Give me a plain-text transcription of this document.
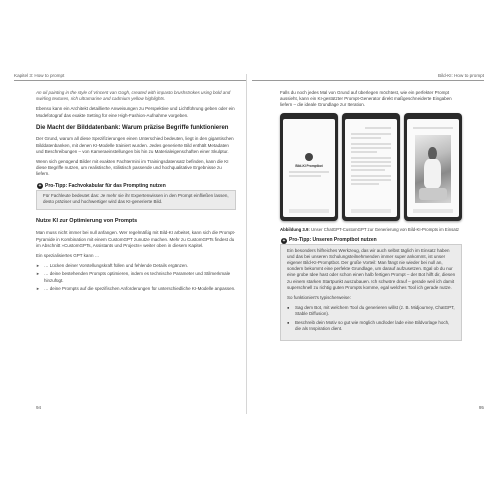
Kapitel 3: How to prompt

An oil painting in the style of Vincent van Gogh, created with impasto brushstrokes using bold and swirling textures, rich ultramarine and cadmium yellow highlights.

Ebenso kann ein Architekt detaillierte Anweisungen zu Perspektive und Lichtführung geben oder ein Modefotograf das exakte Setting für eine High-Fashion-Aufnahme vorgeben.

Die Macht der Bilddatenbank: Warum präzise Begriffe funktionieren

Der Grund, warum all diese Spezifizierungen einen Unterschied bedeuten, liegt in den gigantischen Bilddatenbanken, mit denen KI-Modelle trainiert wurden. Jedes generierte Bild enthält Metadaten und Beschreibungen – von Kameraeinstellungen bis hin zu Materialeigenschaften einer Skulptur.

Wenn sich genügend Bilder mit exakten Fachtermini im Trainingsdatensatz befinden, kann die KI diese Begriffe nutzen, um realistische, stilistisch passende und hochqualitative Ergebnisse zu liefern.

+ Pro-Tipp: Fachvokabular für das Prompting nutzen
Für Fachleute bedeutet das: Je mehr sie ihr Expertenwissen in den Prompt einfließen lassen, desto präziser und hochwertiger wird das KI-generierte Bild.
Nutze KI zur Optimierung von Prompts

Man muss nicht immer bei null anfangen. Wer regelmäßig mit Bild-KI arbeitet, kann sich die Prompt-Pyramide in Kombination mit einem CustomGPT zunutze machen. Mehr zu CustomGPTs findest du im Abschnitt »CustomGPTs, Assistants und Projects« weiter oben in diesem Kapitel.

Ein spezialisiertes GPT kann …

► … Lücken deiner Vorstellungskraft füllen und fehlende Details ergänzen.
► … deine bestehenden Prompts optimieren, indem es technische Parameter und Stilmerkmale hinzufügt.
► … deine Prompts auf die spezifischen Anforderungen für unterschiedliche KI-Modelle anpassen.
94
Bild-KI: How to prompt

Falls du noch jedes Mal von Grund auf überlegen möchtest, wie ein perfekter Prompt aussieht, kann ein KI-gestützter Prompt-Generator direkt maßgeschneiderte Eingaben liefern – die ideale Grundlage zur Iteration.

Bild-KI Promptbot
Abbildung 3.9: Unser ChatGPT-CustomGPT zur Generierung von Bild-KI-Prompts im Einsatz
+ Pro-Tipp: Unseren Promptbot nutzen

Ein besonders hilfreiches Werkzeug, das wir auch selbst täglich im Einsatz haben und das bei unseren Schulungsteilnehmenden immer super ankommt, ist unser eigener Bild-KI-Promptbot. Der große Vorteil: Man fängt nie wieder bei null an, sondern bekommt eine perfekte Grundlage, um darauf aufzusetzen. Egal ob du nur eine grobe Idee hast oder schon einen halb fertigen Prompt – der Bot hilft dir, diesen zu einem starken Startpunkt auszubauen. Ich schwöre drauf – gerade weil ich damit superschnell zu richtig guten Prompts komme, egal welches Tool ich gerade nutze.

So funktioniert's typischerweise:

● Sag dem Bot, mit welchem Tool du generieren willst (z. B. Midjourney, ChatGPT, Stable Diffusion).
● Beschreib dein Motiv so gut wie möglich und/oder lade eine Bildvorlage hoch, die als Inspiration dient.
95
